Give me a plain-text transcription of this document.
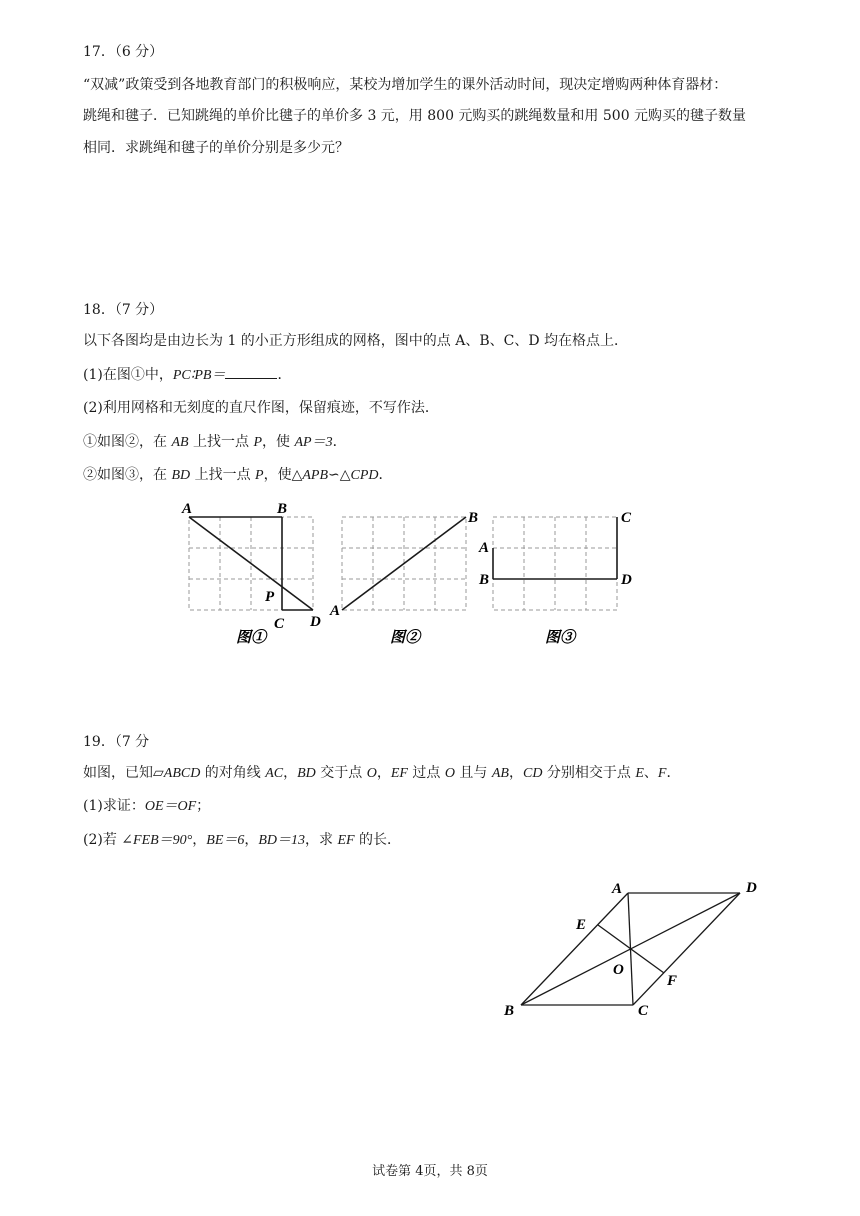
17．（6 分）
“双减”政策受到各地教育部门的积极响应，某校为增加学生的课外活动时间，现决定增购两种体育器材：
跳绳和毽子．已知跳绳的单价比毽子的单价多 3 元，用 800 元购买的跳绳数量和用 500 元购买的毽子数量
相同．求跳绳和毽子的单价分别是多少元？
18．（7 分）
以下各图均是由边长为 1 的小正方形组成的网格，图中的点 A、B、C、D 均在格点上．
(1)在图①中，PC∶PB＝	．
(2)利用网格和无刻度的直尺作图，保留痕迹，不写作法．
①如图②，在 AB 上找一点 P，使 AP＝3．
②如图③，在 BD 上找一点 P，使△APB∽△CPD．
A	B
P
C D
图①
A
B
图②
A
B
C
D
图③
19．（7 分
如图，已知▱ABCD 的对角线 AC，BD 交于点 O，EF 过点 O 且与 AB，CD 分别相交于点 E、F．
(1)求证：OE＝OF；
(2)若 ∠FEB＝90°，BE＝6，BD＝13，求 EF 的长．
A	D
E
O
F
B	C
试卷第 4页，共 8页
